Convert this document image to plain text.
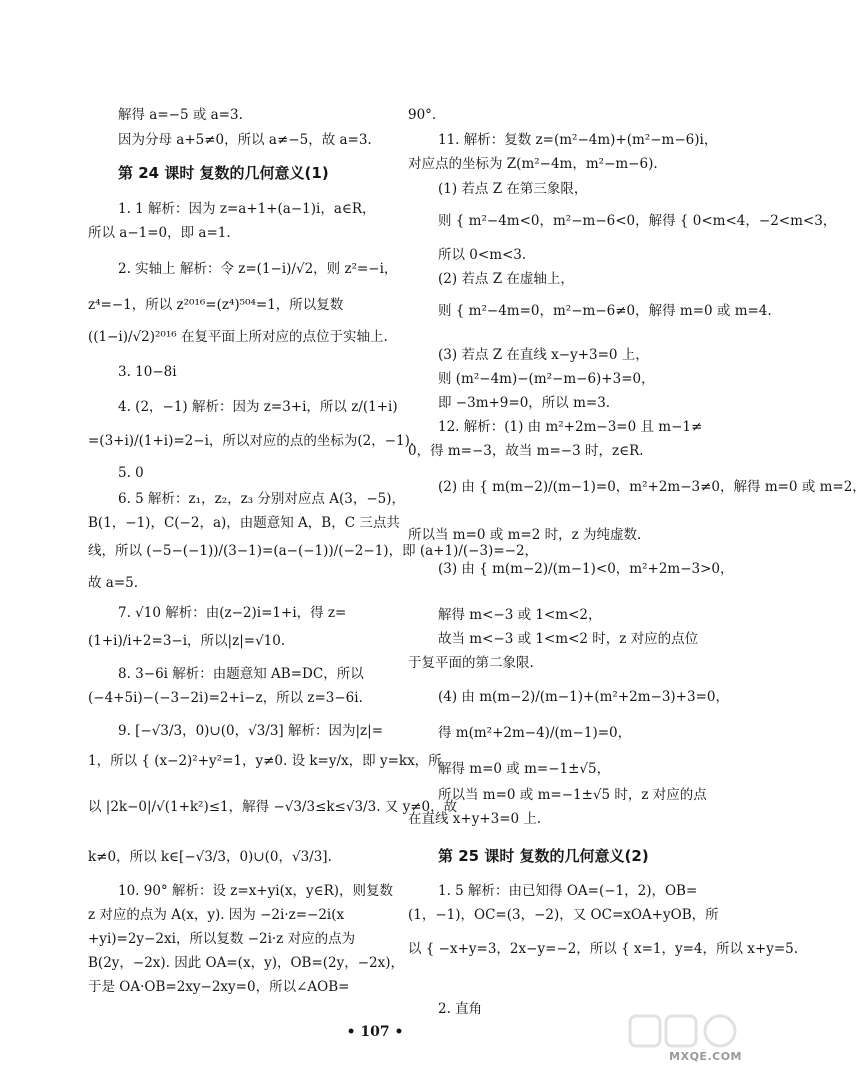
解得 a=−5 或 a=3.
因为分母 a+5≠0，所以 a≠−5，故 a=3.
第 24 课时 复数的几何意义(1)
1. 1 解析：因为 z=a+1+(a−1)i，a∈R，
所以 a−1=0，即 a=1.
2. 实轴上 解析：令 z=(1−i)/√2，则 z²=−i，
z⁴=−1，所以 z²⁰¹⁶=(z⁴)⁵⁰⁴=1，所以复数
((1−i)/√2)²⁰¹⁶ 在复平面上所对应的点位于实轴上.
3. 10−8i
4. (2，−1) 解析：因为 z=3+i，所以 z/(1+i)
=(3+i)/(1+i)=2−i，所以对应的点的坐标为(2，−1).
5. 0
6. 5 解析：z₁，z₂，z₃ 分别对应点 A(3，−5)，
B(1，−1)，C(−2，a)，由题意知 A，B，C 三点共
线，所以 (−5−(−1))/(3−1)=(a−(−1))/(−2−1)，即 (a+1)/(−3)=−2，
故 a=5.
7. √10 解析：由(z−2)i=1+i，得 z=
(1+i)/i+2=3−i，所以|z|=√10.
8. 3−6i 解析：由题意知 AB=DC，所以
(−4+5i)−(−3−2i)=2+i−z，所以 z=3−6i.
9. [−√3/3，0)∪(0，√3/3] 解析：因为|z|=
1，所以 { (x−2)²+y²=1，y≠0. 设 k=y/x，即 y=kx，所
以 |2k−0|/√(1+k²)≤1，解得 −√3/3≤k≤√3/3. 又 y≠0，故
k≠0，所以 k∈[−√3/3，0)∪(0，√3/3].
10. 90° 解析：设 z=x+yi(x，y∈R)，则复数
z 对应的点为 A(x，y). 因为 −2i·z=−2i(x
+yi)=2y−2xi，所以复数 −2i·z 对应的点为
B(2y，−2x). 因此 OA=(x，y)，OB=(2y，−2x)，
于是 OA·OB=2xy−2xy=0，所以∠AOB=
90°.
11. 解析：复数 z=(m²−4m)+(m²−m−6)i，
对应点的坐标为 Z(m²−4m，m²−m−6).
(1) 若点 Z 在第三象限，
则 { m²−4m<0，m²−m−6<0，解得 { 0<m<4，−2<m<3，
所以 0<m<3.
(2) 若点 Z 在虚轴上，
则 { m²−4m=0，m²−m−6≠0，解得 m=0 或 m=4.
(3) 若点 Z 在直线 x−y+3=0 上，
则 (m²−4m)−(m²−m−6)+3=0，
即 −3m+9=0，所以 m=3.
12. 解析：(1) 由 m²+2m−3=0 且 m−1≠
0，得 m=−3，故当 m=−3 时，z∈R.
(2) 由 { m(m−2)/(m−1)=0，m²+2m−3≠0，解得 m=0 或 m=2，
所以当 m=0 或 m=2 时，z 为纯虚数.
(3) 由 { m(m−2)/(m−1)<0，m²+2m−3>0，
解得 m<−3 或 1<m<2，
故当 m<−3 或 1<m<2 时，z 对应的点位
于复平面的第二象限.
(4) 由 m(m−2)/(m−1)+(m²+2m−3)+3=0，
得 m(m²+2m−4)/(m−1)=0，
解得 m=0 或 m=−1±√5，
所以当 m=0 或 m=−1±√5 时，z 对应的点
在直线 x+y+3=0 上.
第 25 课时 复数的几何意义(2)
1. 5 解析：由已知得 OA=(−1，2)，OB=
(1，−1)，OC=(3，−2)，又 OC=xOA+yOB，所
以 { −x+y=3，2x−y=−2，所以 { x=1，y=4，所以 x+y=5.
2. 直角
• 107 •
MXQE.COM
